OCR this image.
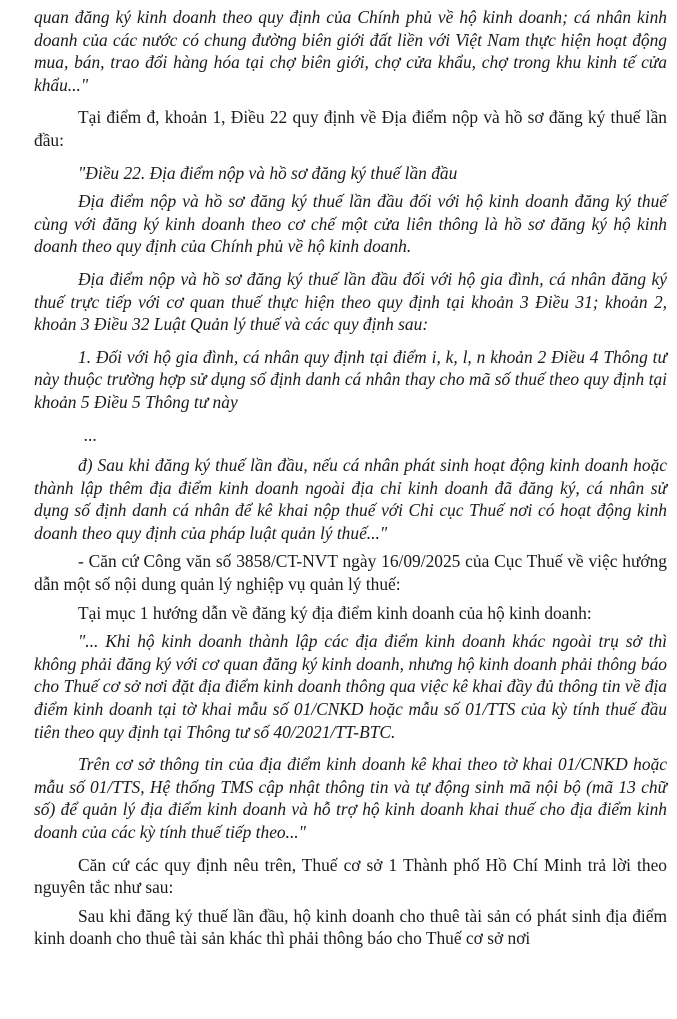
quan đăng ký kinh doanh theo quy định của Chính phủ về hộ kinh doanh; cá nhân kinh doanh của các nước có chung đường biên giới đất liền với Việt Nam thực hiện hoạt động mua, bán, trao đổi hàng hóa tại chợ biên giới, chợ cửa khẩu, chợ trong khu kinh tế cửa khẩu..."

Tại điểm đ, khoản 1, Điều 22 quy định về Địa điểm nộp và hồ sơ đăng ký thuế lần đầu:

"Điều 22. Địa điểm nộp và hồ sơ đăng ký thuế lần đầu

Địa điểm nộp và hồ sơ đăng ký thuế lần đầu đối với hộ kinh doanh đăng ký thuế cùng với đăng ký kinh doanh theo cơ chế một cửa liên thông là hồ sơ đăng ký hộ kinh doanh theo quy định của Chính phủ về hộ kinh doanh.

Địa điểm nộp và hồ sơ đăng ký thuế lần đầu đối với hộ gia đình, cá nhân đăng ký thuế trực tiếp với cơ quan thuế thực hiện theo quy định tại khoản 3 Điều 31; khoản 2, khoản 3 Điều 32 Luật Quản lý thuế và các quy định sau:

1. Đối với hộ gia đình, cá nhân quy định tại điểm i, k, l, n khoản 2 Điều 4 Thông tư này thuộc trường hợp sử dụng số định danh cá nhân thay cho mã số thuế theo quy định tại khoản 5 Điều 5 Thông tư này

...

đ) Sau khi đăng ký thuế lần đầu, nếu cá nhân phát sinh hoạt động kinh doanh hoặc thành lập thêm địa điểm kinh doanh ngoài địa chỉ kinh doanh đã đăng ký, cá nhân sử dụng số định danh cá nhân để kê khai nộp thuế với Chi cục Thuế nơi có hoạt động kinh doanh theo quy định của pháp luật quản lý thuế..."

- Căn cứ Công văn số 3858/CT-NVT ngày 16/09/2025 của Cục Thuế về việc hướng dẫn một số nội dung quản lý nghiệp vụ quản lý thuế:

Tại mục 1 hướng dẫn về đăng ký địa điểm kinh doanh của hộ kinh doanh:

"... Khi hộ kinh doanh thành lập các địa điểm kinh doanh khác ngoài trụ sở thì không phải đăng ký với cơ quan đăng ký kinh doanh, nhưng hộ kinh doanh phải thông báo cho Thuế cơ sở nơi đặt địa điểm kinh doanh thông qua việc kê khai đầy đủ thông tin về địa điểm kinh doanh tại tờ khai mẫu số 01/CNKD hoặc mẫu số 01/TTS của kỳ tính thuế đầu tiên theo quy định tại Thông tư số 40/2021/TT-BTC.

Trên cơ sở thông tin của địa điểm kinh doanh kê khai theo tờ khai 01/CNKD hoặc mẫu số 01/TTS, Hệ thống TMS cập nhật thông tin và tự động sinh mã nội bộ (mã 13 chữ số) để quản lý địa điểm kinh doanh và hỗ trợ hộ kinh doanh khai thuế cho địa điểm kinh doanh của các kỳ tính thuế tiếp theo..."

Căn cứ các quy định nêu trên, Thuế cơ sở 1 Thành phố Hồ Chí Minh trả lời theo nguyên tắc như sau:

Sau khi đăng ký thuế lần đầu, hộ kinh doanh cho thuê tài sản có phát sinh địa điểm kinh doanh cho thuê tài sản khác thì phải thông báo cho Thuế cơ sở nơi
